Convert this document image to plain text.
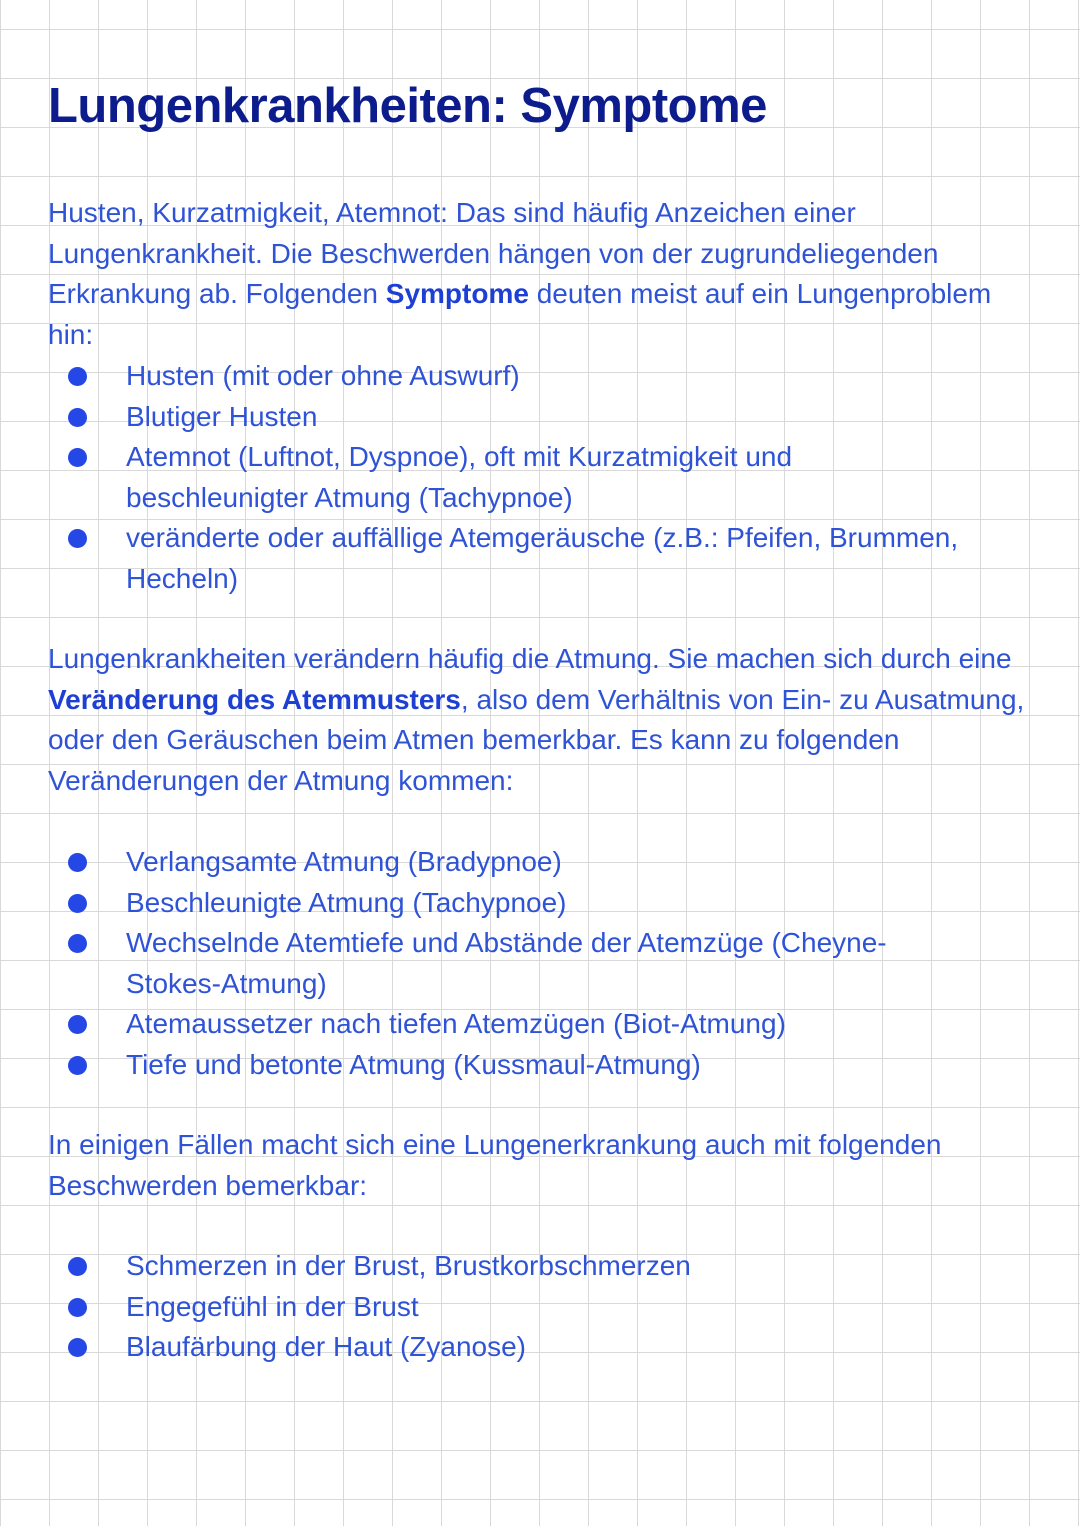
Lungenkrankheiten: Symptome

Husten, Kurzatmigkeit, Atemnot: Das sind häufig Anzeichen einer Lungenkrankheit. Die Beschwerden hängen von der zugrundeliegenden Erkrankung ab. Folgenden Symptome deuten meist auf ein Lungenproblem hin:

Husten (mit oder ohne Auswurf)
Blutiger Husten
Atemnot (Luftnot, Dyspnoe), oft mit Kurzatmigkeit und beschleunigter Atmung (Tachypnoe)
veränderte oder auffällige Atemgeräusche (z.B.: Pfeifen, Brummen, Hecheln)

Lungenkrankheiten verändern häufig die Atmung. Sie machen sich durch eine Veränderung des Atemmusters, also dem Verhältnis von Ein- zu Ausatmung, oder den Geräuschen beim Atmen bemerkbar. Es kann zu folgenden Veränderungen der Atmung kommen:

Verlangsamte Atmung (Bradypnoe)
Beschleunigte Atmung (Tachypnoe)
Wechselnde Atemtiefe und Abstände der Atemzüge (Cheyne-Stokes-Atmung)
Atemaussetzer nach tiefen Atemzügen (Biot-Atmung)
Tiefe und betonte Atmung (Kussmaul-Atmung)

In einigen Fällen macht sich eine Lungenerkrankung auch mit folgenden Beschwerden bemerkbar:

Schmerzen in der Brust, Brustkorbschmerzen
Engegefühl in der Brust
Blaufärbung der Haut (Zyanose)
